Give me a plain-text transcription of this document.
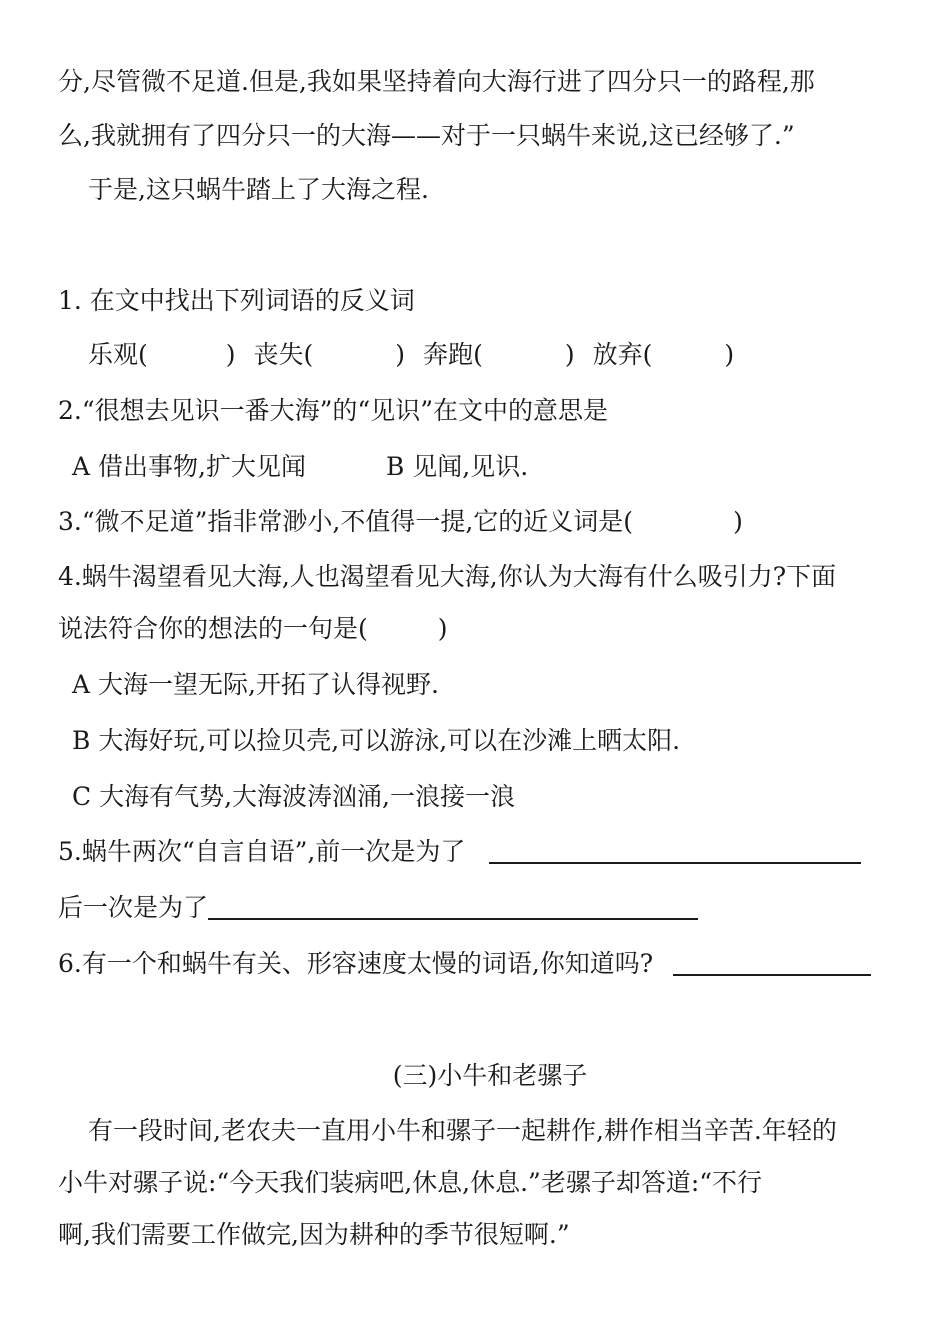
分,尽管微不足道.但是,我如果坚持着向大海行进了四分只一的路程,那
么,我就拥有了四分只一的大海——对于一只蜗牛来说,这已经够了.”
于是,这只蜗牛踏上了大海之程.
1. 在文中找出下列词语的反义词
乐观(	) 丧失(	) 奔跑(	) 放弃(	)
2.“很想去见识一番大海”的“见识”在文中的意思是
A 借出事物,扩大见闻	B 见闻,见识.
3.“微不足道”指非常渺小,不值得一提,它的近义词是(	)
4.蜗牛渴望看见大海,人也渴望看见大海,你认为大海有什么吸引力?下面
说法符合你的想法的一句是(	)
A 大海一望无际,开拓了认得视野.
B 大海好玩,可以捡贝壳,可以游泳,可以在沙滩上晒太阳.
C 大海有气势,大海波涛汹涌,一浪接一浪
5.蜗牛两次“自言自语”,前一次是为了
后一次是为了
6.有一个和蜗牛有关、形容速度太慢的词语,你知道吗?
(三)小牛和老骡子
有一段时间,老农夫一直用小牛和骡子一起耕作,耕作相当辛苦.年轻的
小牛对骡子说:“今天我们装病吧,休息,休息.”老骡子却答道:“不行
啊,我们需要工作做完,因为耕种的季节很短啊.”
